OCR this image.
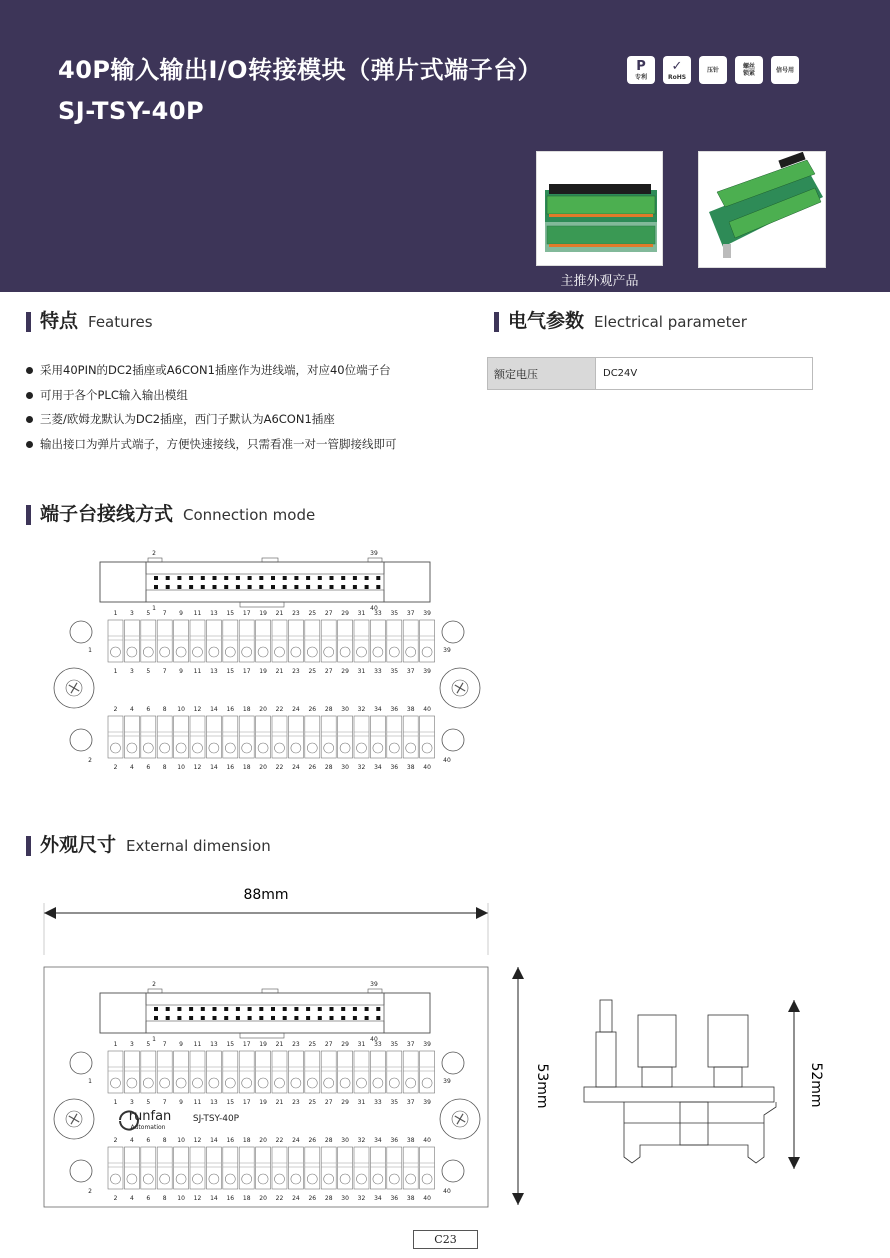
40P输入输出I/O转接模块（弹片式端子台）
SJ-TSY-40P
P
专利
✓
RoHS
压针	螺丝
锁紧	信号用
主推外观产品
特点 Features
采用40PIN的DC2插座或A6CON1插座作为进线端，对应40位端子台
可用于各个PLC输入输出模组
三菱/欧姆龙默认为DC2插座，西门子默认为A6CON1插座
输出接口为弹片式端子，方便快速接线，只需看准一对一管脚接线即可
电气参数 Electrical parameter
额定电压	DC24V
端子台接线方式 Connection mode
2	39
1	40
1
1
3
3
5
5
7
7
9
9
11
11
13
13
15
15
17
17
19
19
21
21
23
23
25
25
27
27
29
29
31
31
33
33
35
35
37
37
39
39
2
2
4
4
6
6
8
8
10
10
12
12
14
14
16
16
18
18
20
20
22
22
24
24
26
26
28
28
30
30
32
32
34
34
36
36
38
38
40
40
1	39
2	40
外观尺寸 External dimension
88mm
53mm	52mm
2	39
1	40
1
1
3
3
5
5
7
7
9
9
11
11
13
13
15
15
17
17
19
19
21
21
23
23
25
25
27
27
29
29
31
31
33
33
35
35
37
37
39
39
2
2
4
4
6
6
8
8
10
10
12
12
14
14
16
16
18
18
20
20
22
22
24
24
26
26
28
28
30
30
32
32
34
34
36
36
38
38
40
40
1	39
2	40
runfan
Automation
SJ-TSY-40P
C23
